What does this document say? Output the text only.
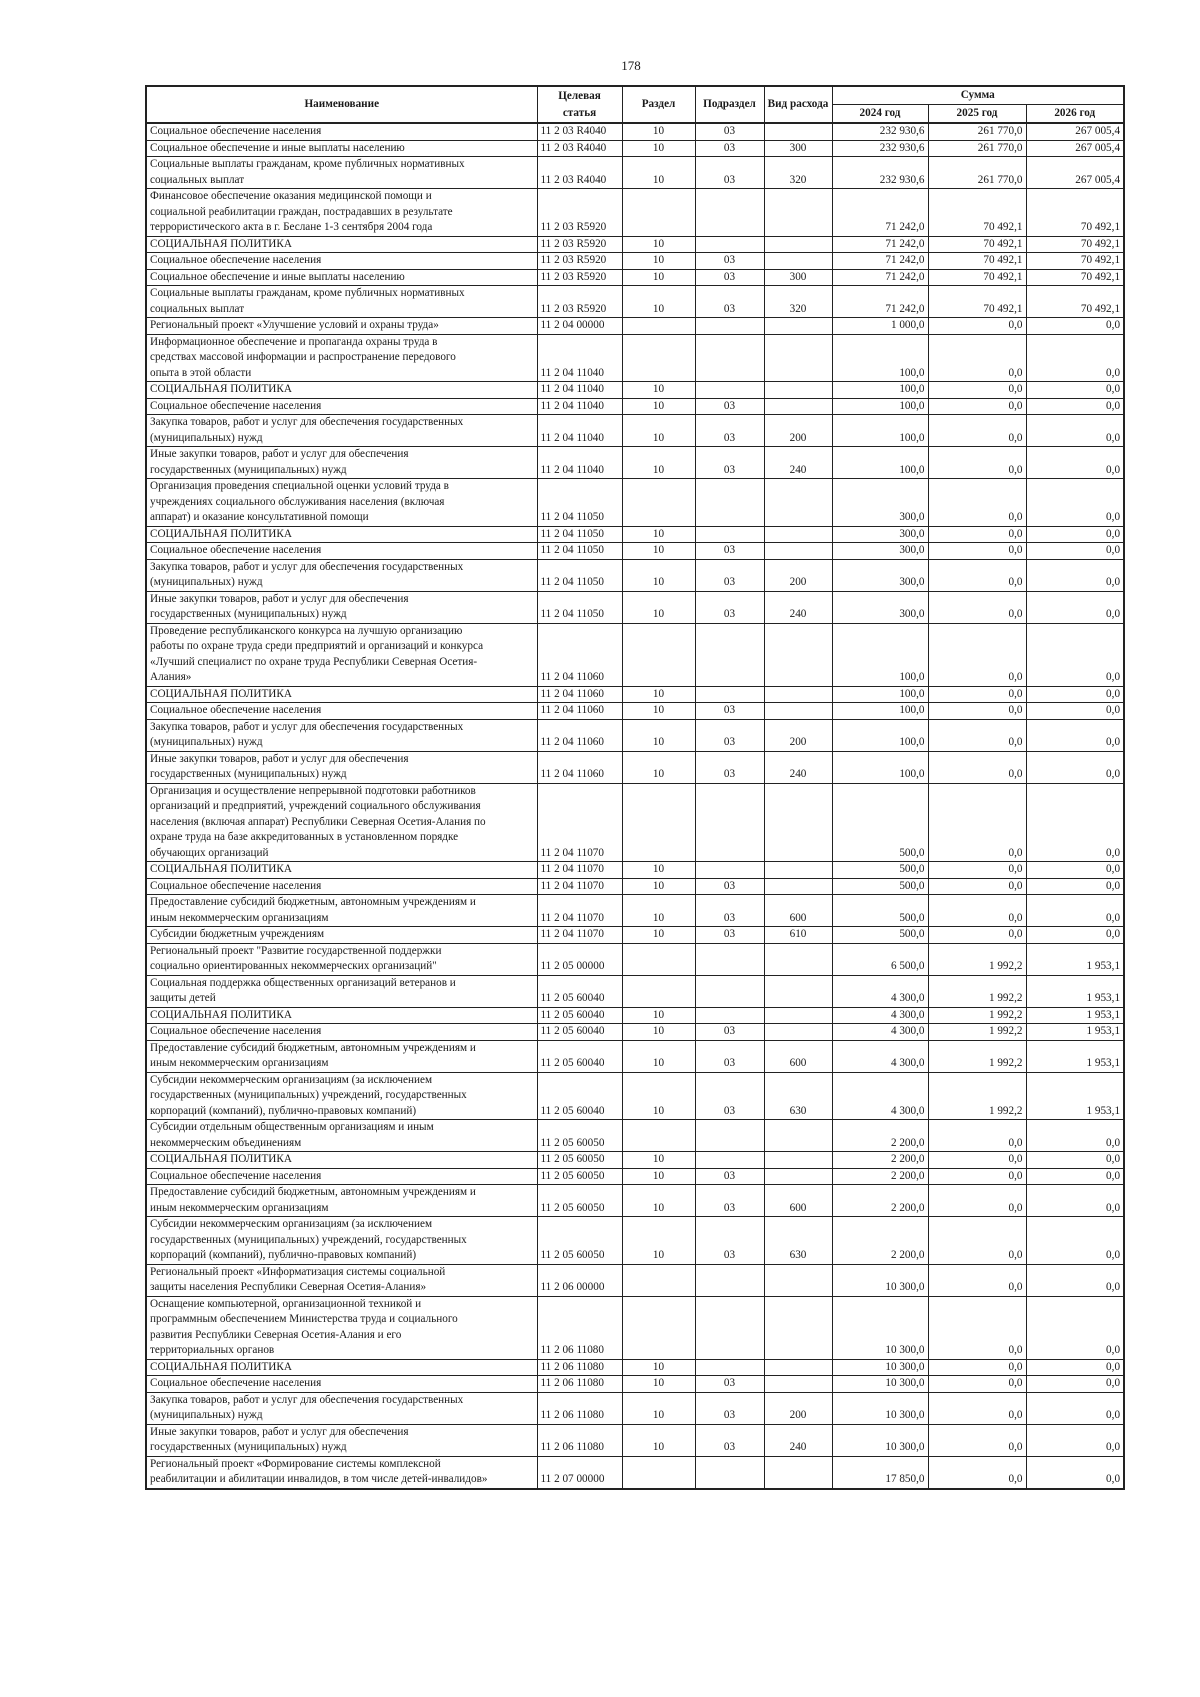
178
Наименование	Целевая статья	Раздел	Подраздел	Вид расхода	Сумма		
					2024 год	2025 год	2026 год
Социальное обеспечение населения	11 2 03 R4040	10	03		232 930,6	261 770,0	267 005,4
Социальное обеспечение и иные выплаты населению	11 2 03 R4040	10	03	300	232 930,6	261 770,0	267 005,4
Социальные выплаты гражданам, кроме публичных нормативных
социальных выплат	11 2 03 R4040	10	03	320	232 930,6	261 770,0	267 005,4
Финансовое обеспечение оказания медицинской помощи и
социальной реабилитации граждан, пострадавших в результате
террористического акта в г. Беслане 1-3 сентября 2004 года	11 2 03 R5920				71 242,0	70 492,1	70 492,1
СОЦИАЛЬНАЯ ПОЛИТИКА	11 2 03 R5920	10			71 242,0	70 492,1	70 492,1
Социальное обеспечение населения	11 2 03 R5920	10	03		71 242,0	70 492,1	70 492,1
Социальное обеспечение и иные выплаты населению	11 2 03 R5920	10	03	300	71 242,0	70 492,1	70 492,1
Социальные выплаты гражданам, кроме публичных нормативных
социальных выплат	11 2 03 R5920	10	03	320	71 242,0	70 492,1	70 492,1
Региональный проект «Улучшение условий и охраны труда»	11 2 04 00000				1 000,0	0,0	0,0
Информационное обеспечение и пропаганда охраны труда в
средствах массовой информации и распространение передового
опыта в этой области	11 2 04 11040				100,0	0,0	0,0
СОЦИАЛЬНАЯ ПОЛИТИКА	11 2 04 11040	10			100,0	0,0	0,0
Социальное обеспечение населения	11 2 04 11040	10	03		100,0	0,0	0,0
Закупка товаров, работ и услуг для обеспечения государственных
(муниципальных) нужд	11 2 04 11040	10	03	200	100,0	0,0	0,0
Иные закупки товаров, работ и услуг для обеспечения
государственных (муниципальных) нужд	11 2 04 11040	10	03	240	100,0	0,0	0,0
Организация проведения специальной оценки условий труда в
учреждениях социального обслуживания населения (включая
аппарат) и оказание консультативной помощи	11 2 04 11050				300,0	0,0	0,0
СОЦИАЛЬНАЯ ПОЛИТИКА	11 2 04 11050	10			300,0	0,0	0,0
Социальное обеспечение населения	11 2 04 11050	10	03		300,0	0,0	0,0
Закупка товаров, работ и услуг для обеспечения государственных
(муниципальных) нужд	11 2 04 11050	10	03	200	300,0	0,0	0,0
Иные закупки товаров, работ и услуг для обеспечения
государственных (муниципальных) нужд	11 2 04 11050	10	03	240	300,0	0,0	0,0
Проведение республиканского конкурса на лучшую организацию
работы по охране труда среди предприятий и организаций и конкурса
«Лучший специалист по охране труда Республики Северная Осетия-
Алания»	11 2 04 11060				100,0	0,0	0,0
СОЦИАЛЬНАЯ ПОЛИТИКА	11 2 04 11060	10			100,0	0,0	0,0
Социальное обеспечение населения	11 2 04 11060	10	03		100,0	0,0	0,0
Закупка товаров, работ и услуг для обеспечения государственных
(муниципальных) нужд	11 2 04 11060	10	03	200	100,0	0,0	0,0
Иные закупки товаров, работ и услуг для обеспечения
государственных (муниципальных) нужд	11 2 04 11060	10	03	240	100,0	0,0	0,0
Организация и осуществление непрерывной подготовки работников
организаций и предприятий, учреждений социального обслуживания
населения (включая аппарат) Республики Северная Осетия-Алания по
охране труда на базе аккредитованных в установленном порядке
обучающих организаций	11 2 04 11070				500,0	0,0	0,0
СОЦИАЛЬНАЯ ПОЛИТИКА	11 2 04 11070	10			500,0	0,0	0,0
Социальное обеспечение населения	11 2 04 11070	10	03		500,0	0,0	0,0
Предоставление субсидий бюджетным, автономным учреждениям и
иным некоммерческим организациям	11 2 04 11070	10	03	600	500,0	0,0	0,0
Субсидии бюджетным учреждениям	11 2 04 11070	10	03	610	500,0	0,0	0,0
Региональный проект "Развитие государственной поддержки
социально ориентированных некоммерческих организаций"	11 2 05 00000				6 500,0	1 992,2	1 953,1
Социальная поддержка общественных организаций ветеранов и
защиты детей	11 2 05 60040				4 300,0	1 992,2	1 953,1
СОЦИАЛЬНАЯ ПОЛИТИКА	11 2 05 60040	10			4 300,0	1 992,2	1 953,1
Социальное обеспечение населения	11 2 05 60040	10	03		4 300,0	1 992,2	1 953,1
Предоставление субсидий бюджетным, автономным учреждениям и
иным некоммерческим организациям	11 2 05 60040	10	03	600	4 300,0	1 992,2	1 953,1
Субсидии некоммерческим организациям (за исключением
государственных (муниципальных) учреждений, государственных
корпораций (компаний), публично-правовых компаний)	11 2 05 60040	10	03	630	4 300,0	1 992,2	1 953,1
Субсидии отдельным общественным организациям и иным
некоммерческим объединениям	11 2 05 60050				2 200,0	0,0	0,0
СОЦИАЛЬНАЯ ПОЛИТИКА	11 2 05 60050	10			2 200,0	0,0	0,0
Социальное обеспечение населения	11 2 05 60050	10	03		2 200,0	0,0	0,0
Предоставление субсидий бюджетным, автономным учреждениям и
иным некоммерческим организациям	11 2 05 60050	10	03	600	2 200,0	0,0	0,0
Субсидии некоммерческим организациям (за исключением
государственных (муниципальных) учреждений, государственных
корпораций (компаний), публично-правовых компаний)	11 2 05 60050	10	03	630	2 200,0	0,0	0,0
Региональный проект «Информатизация системы социальной
защиты населения Республики Северная Осетия-Алания»	11 2 06 00000				10 300,0	0,0	0,0
Оснащение компьютерной, организационной техникой и
программным обеспечением Министерства труда и социального
развития Республики Северная Осетия-Алания и его
территориальных органов	11 2 06 11080				10 300,0	0,0	0,0
СОЦИАЛЬНАЯ ПОЛИТИКА	11 2 06 11080	10			10 300,0	0,0	0,0
Социальное обеспечение населения	11 2 06 11080	10	03		10 300,0	0,0	0,0
Закупка товаров, работ и услуг для обеспечения государственных
(муниципальных) нужд	11 2 06 11080	10	03	200	10 300,0	0,0	0,0
Иные закупки товаров, работ и услуг для обеспечения
государственных (муниципальных) нужд	11 2 06 11080	10	03	240	10 300,0	0,0	0,0
Региональный проект «Формирование системы комплексной
реабилитации и абилитации инвалидов, в том числе детей-инвалидов»	11 2 07 00000				17 850,0	0,0	0,0
